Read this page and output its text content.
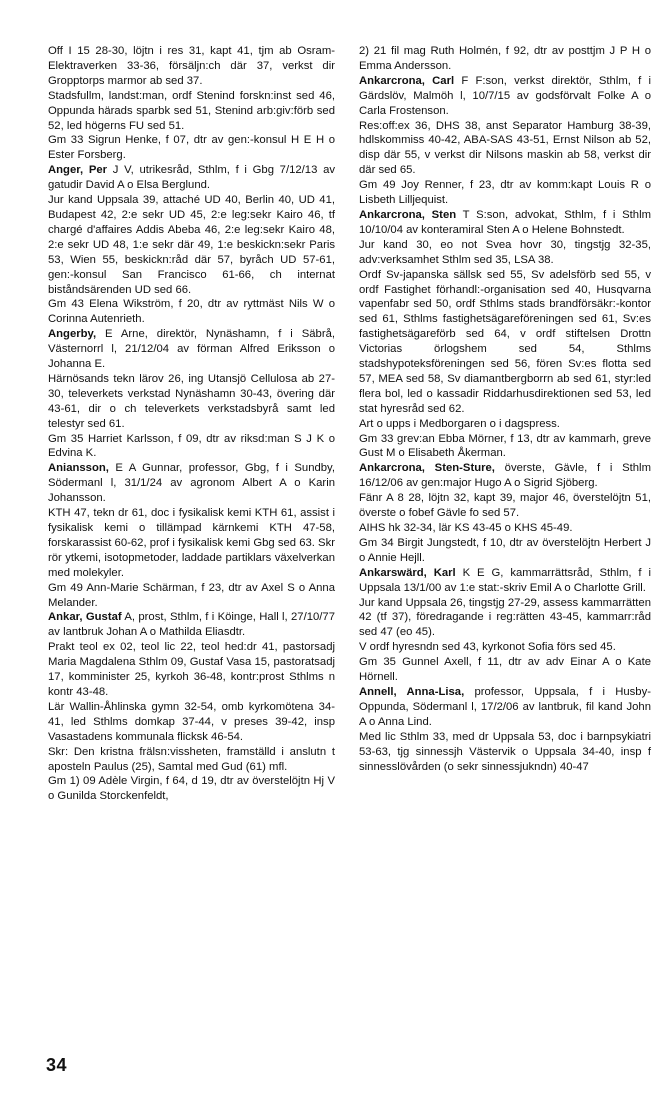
Off I 15 28-30, löjtn i res 31, kapt 41, tjm ab Osram-Elektraverken 33-36, försäljn:ch där 37, verkst dir Gropptorps marmor ab sed 37.

Stadsfullm, landst:man, ordf Stenind forskn:inst sed 46, Oppunda härads sparbk sed 51, Stenind arb:giv:förb sed 52, led högerns FU sed 51.

Gm 33 Sigrun Henke, f 07, dtr av gen:-konsul H E H o Ester Forsberg.

Anger, Per J V, utrikesråd, Sthlm, f i Gbg 7/12/13 av gatudir David A o Elsa Berglund.

Jur kand Uppsala 39, attaché UD 40, Berlin 40, UD 41, Budapest 42, 2:e sekr UD 45, 2:e leg:sekr Kairo 46, tf chargé d'affaires Addis Abeba 46, 2:e leg:sekr Kairo 48, 2:e sekr UD 48, 1:e sekr där 49, 1:e beskickn:sekr Paris 53, Wien 55, beskickn:råd där 57, byråch UD 57-61, gen:-konsul San Francisco 61-66, ch internat biståndsärenden UD sed 66.

Gm 43 Elena Wikström, f 20, dtr av ryttmäst Nils W o Corinna Autenrieth.

Angerby, E Arne, direktör, Nynäshamn, f i Säbrå, Västernorrl l, 21/12/04 av förman Alfred Eriksson o Johanna E.

Härnösands tekn lärov 26, ing Utansjö Cellulosa ab 27-30, televerkets verkstad Nynäshamn 30-43, övering där 43-61, dir o ch televerkets verkstadsbyrå samt led telestyr sed 61.

Gm 35 Harriet Karlsson, f 09, dtr av riksd:man S J K o Edvina K.

Aniansson, E A Gunnar, professor, Gbg, f i Sundby, Södermanl l, 31/1/24 av agronom Albert A o Karin Johansson.

KTH 47, tekn dr 61, doc i fysikalisk kemi KTH 61, assist i fysikalisk kemi o tillämpad kärnkemi KTH 47-58, forskarassist 60-62, prof i fysikalisk kemi Gbg sed 63. Skr rör ytkemi, isotopmetoder, laddade partiklars växelverkan med molekyler.

Gm 49 Ann-Marie Schärman, f 23, dtr av Axel S o Anna Melander.

Ankar, Gustaf A, prost, Sthlm, f i Köinge, Hall l, 27/10/77 av lantbruk Johan A o Mathilda Eliasdtr.

Prakt teol ex 02, teol lic 22, teol hed:dr 41, pastorsadj Maria Magdalena Sthlm 09, Gustaf Vasa 15, pastoratsadj 17, komminister 25, kyrkoh 36-48, kontr:prost Sthlms n kontr 43-48.

Lär Wallin-Åhlinska gymn 32-54, omb kyrkomötena 34-41, led Sthlms domkap 37-44, v preses 39-42, insp Vasastadens kommunala flicksk 46-54.

Skr: Den kristna frälsn:vissheten, framställd i anslutn t aposteln Paulus (25), Samtal med Gud (61) mfl.

Gm 1) 09 Adèle Virgin, f 64, d 19, dtr av överstelöjtn Hj V o Gunilda Storckenfeldt,

2) 21 fil mag Ruth Holmén, f 92, dtr av posttjm J P H o Emma Andersson.

Ankarcrona, Carl F F:son, verkst direktör, Sthlm, f i Gärdslöv, Malmöh l, 10/7/15 av godsförvalt Folke A o Carla Frostenson.

Res:off:ex 36, DHS 38, anst Separator Hamburg 38-39, hdlskommiss 40-42, ABA-SAS 43-51, Ernst Nilson ab 52, disp där 55, v verkst dir Nilsons maskin ab 58, verkst dir där sed 65.

Gm 49 Joy Renner, f 23, dtr av komm:kapt Louis R o Lisbeth Lilljequist.

Ankarcrona, Sten T S:son, advokat, Sthlm, f i Sthlm 10/10/04 av konteramiral Sten A o Helene Bohnstedt.

Jur kand 30, eo not Svea hovr 30, tingstjg 32-35, adv:verksamhet Sthlm sed 35, LSA 38.

Ordf Sv-japanska sällsk sed 55, Sv adelsförb sed 55, v ordf Fastighet förhandl:-organisation sed 40, Husqvarna vapenfabr sed 50, ordf Sthlms stads brandförsäkr:-kontor sed 61, Sthlms fastighetsägareföreningen sed 61, Sv:es fastighetsägareförb sed 64, v ordf stiftelsen Drottn Victorias örlogshem sed 54, Sthlms stadshypoteksföreningen sed 56, fören Sv:es flotta sed 57, MEA sed 58, Sv diamantbergborrn ab sed 61, styr:led flera bol, led o kassadir Riddarhusdirektionen sed 53, led stat hyresråd sed 62.

Art o upps i Medborgaren o i dagspress.

Gm 33 grev:an Ebba Mörner, f 13, dtr av kammarh, greve Gust M o Elisabeth Åkerman.

Ankarcrona, Sten-Sture, överste, Gävle, f i Sthlm 16/12/06 av gen:major Hugo A o Sigrid Sjöberg.

Fänr A 8 28, löjtn 32, kapt 39, major 46, överstelöjtn 51, överste o fobef Gävle fo sed 57.

AIHS hk 32-34, lär KS 43-45 o KHS 45-49.

Gm 34 Birgit Jungstedt, f 10, dtr av överstelöjtn Herbert J o Annie Hejll.

Ankarswärd, Karl K E G, kammarrättsråd, Sthlm, f i Uppsala 13/1/00 av 1:e stat:-skriv Emil A o Charlotte Grill.

Jur kand Uppsala 26, tingstjg 27-29, assess kammarrätten 42 (tf 37), föredragande i reg:rätten 43-45, kammarr:råd sed 47 (eo 45).

V ordf hyresndn sed 43, kyrkonot Sofia förs sed 45.

Gm 35 Gunnel Axell, f 11, dtr av adv Einar A o Kate Hörnell.

Annell, Anna-Lisa, professor, Uppsala, f i Husby-Oppunda, Södermanl l, 17/2/06 av lantbruk, fil kand John A o Anna Lind.

Med lic Sthlm 33, med dr Uppsala 53, doc i barnpsykiatri 53-63, tjg sinnessjh Västervik o Uppsala 34-40, insp f sinnesslövården (o sekr sinnessjukndn) 40-47

34
